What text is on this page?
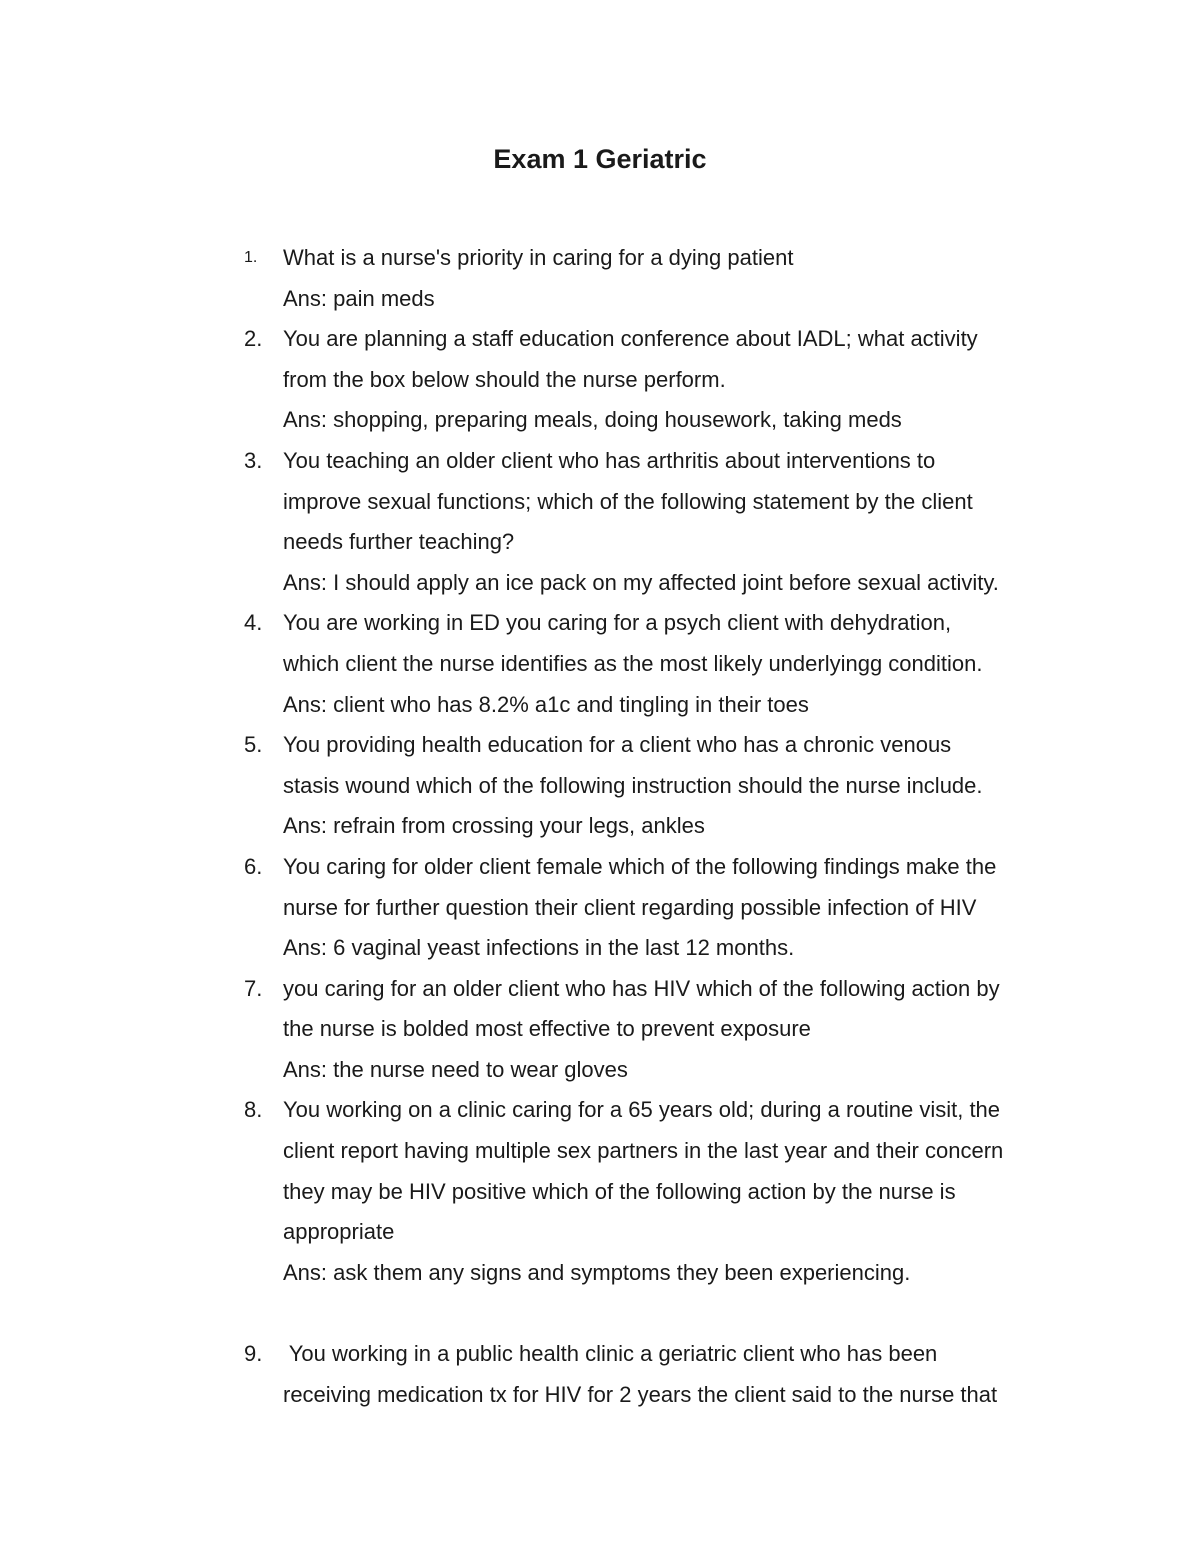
Exam 1 Geriatric
1.	What is a nurse's priority in caring for a dying patient
Ans: pain meds
2. You are planning a staff education conference about IADL; what activity
from the box below should the nurse perform.
Ans: shopping, preparing meals, doing housework, taking meds
3. You teaching an older client who has arthritis about interventions to
improve sexual functions; which of the following statement by the client
needs further teaching?
Ans: I should apply an ice pack on my affected joint before sexual activity.
4. You are working in ED you caring for a psych client with dehydration,
which client the nurse identifies as the most likely underlyingg condition.
Ans: client who has 8.2% a1c and tingling in their toes
5. You providing health education for a client who has a chronic venous
stasis wound which of the following instruction should the nurse include.
Ans: refrain from crossing your legs, ankles
6. You caring for older client female which of the following findings make the
nurse for further question their client regarding possible infection of HIV
Ans: 6 vaginal yeast infections in the last 12 months.
7. you caring for an older client who has HIV which of the following action by
the nurse is bolded most effective to prevent exposure
Ans: the nurse need to wear gloves
8. You working on a clinic caring for a 65 years old; during a routine visit, the
client report having multiple sex partners in the last year and their concern
they may be HIV positive which of the following action by the nurse is
appropriate
Ans: ask them any signs and symptoms they been experiencing.
9. You working in a public health clinic a geriatric client who has been
receiving medication tx for HIV for 2 years the client said to the nurse that
